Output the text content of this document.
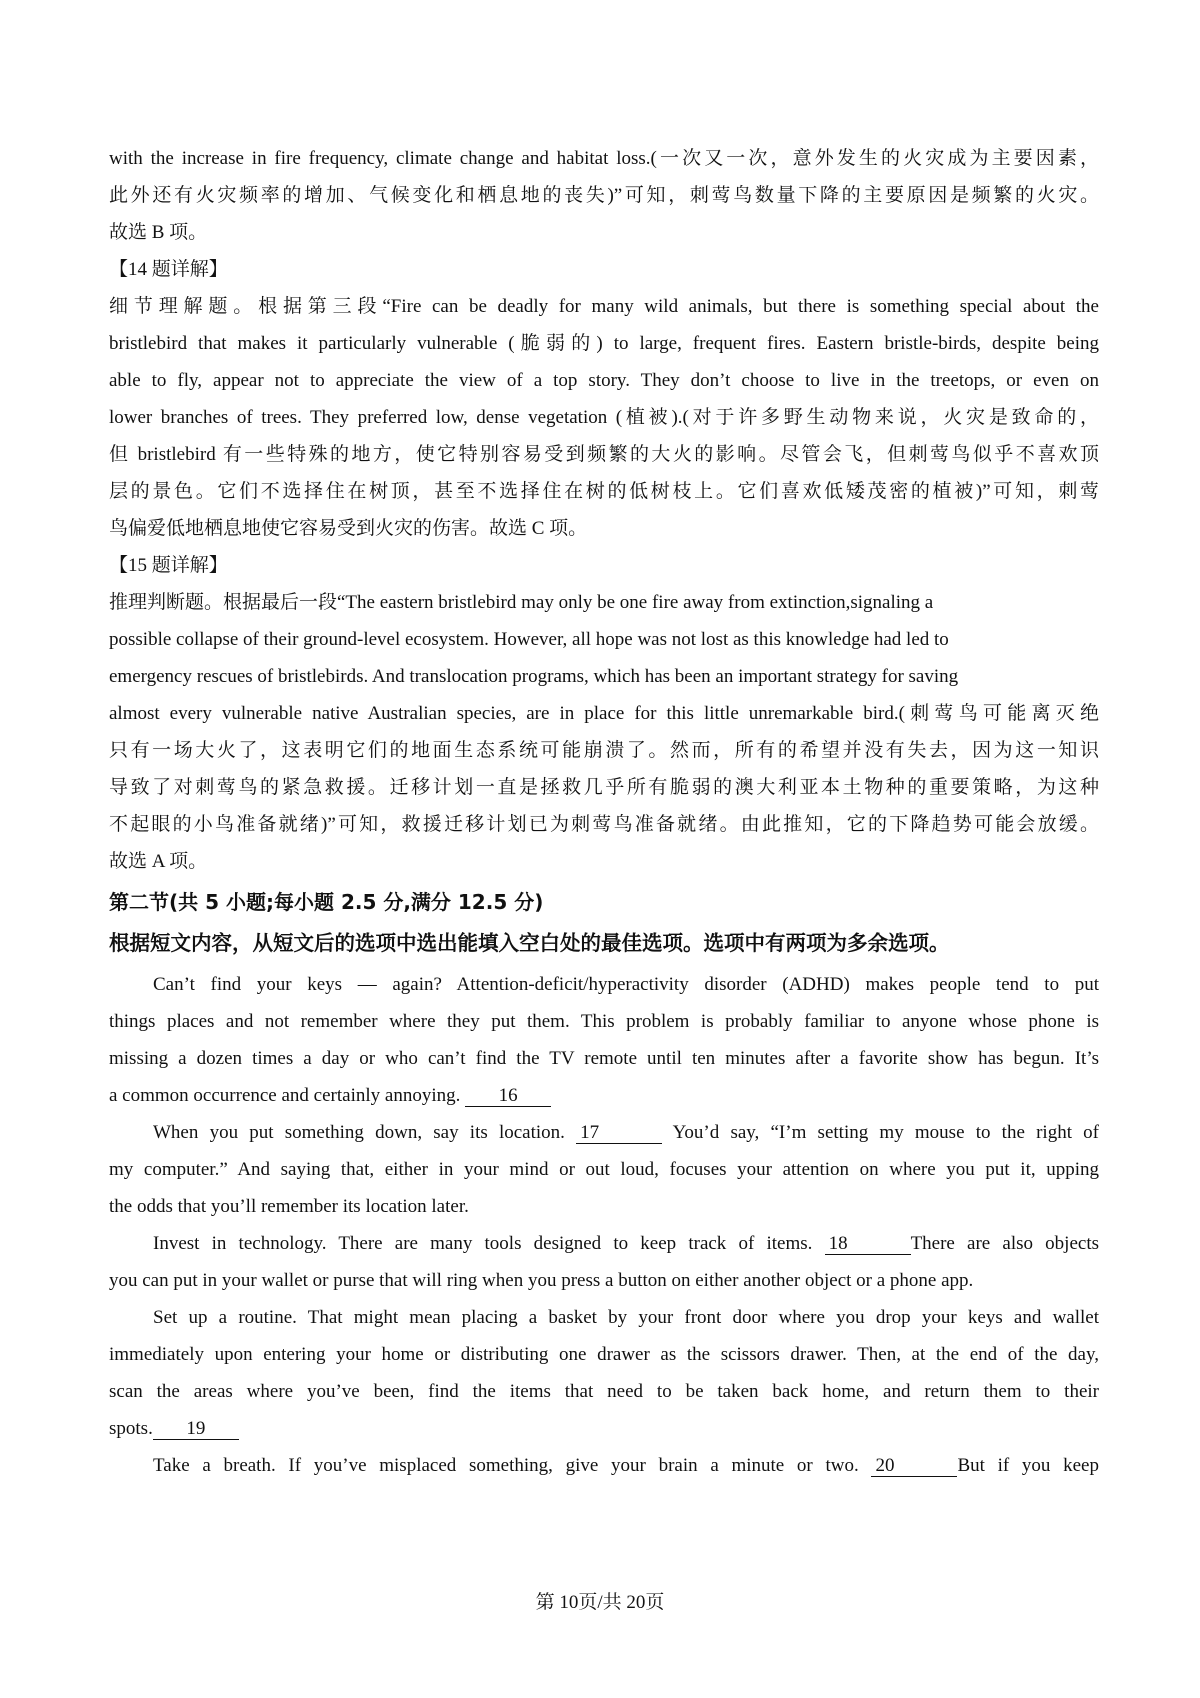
with the increase in fire frequency, climate change and habitat loss.(一次又一次，意外发生的火灾成为主要因素，

此外还有火灾频率的增加、气候变化和栖息地的丧失)”可知，刺莺鸟数量下降的主要原因是频繁的火灾。

故选 B 项。

【14 题详解】

细节理解题。根据第三段“Fire can be deadly for many wild animals, but there is something special about the

bristlebird that makes it particularly vulnerable (脆弱的) to large, frequent fires. Eastern bristle-birds, despite being

able to fly, appear not to appreciate the view of a top story. They don’t choose to live in the treetops, or even on

lower branches of trees. They preferred low, dense vegetation (植被).(对于许多野生动物来说，火灾是致命的，

但 bristlebird 有一些特殊的地方，使它特别容易受到频繁的大火的影响。尽管会飞，但刺莺鸟似乎不喜欢顶

层的景色。它们不选择住在树顶，甚至不选择住在树的低树枝上。它们喜欢低矮茂密的植被)”可知，刺莺

鸟偏爱低地栖息地使它容易受到火灾的伤害。故选 C 项。

【15 题详解】

推理判断题。根据最后一段“The eastern bristlebird may only be one fire away from extinction,signaling a

possible collapse of their ground-level ecosystem. However, all hope was not lost as this knowledge had led to

emergency rescues of bristlebirds. And translocation programs, which has been an important strategy for saving

almost every vulnerable native Australian species, are in place for this little unremarkable bird.(刺莺鸟可能离灭绝

只有一场大火了，这表明它们的地面生态系统可能崩溃了。然而，所有的希望并没有失去，因为这一知识

导致了对刺莺鸟的紧急救援。迁移计划一直是拯救几乎所有脆弱的澳大利亚本土物种的重要策略，为这种

不起眼的小鸟准备就绪)”可知，救援迁移计划已为刺莺鸟准备就绪。由此推知，它的下降趋势可能会放缓。

故选 A 项。

第二节(共 5 小题;每小题 2.5 分,满分 12.5 分)

根据短文内容，从短文后的选项中选出能填入空白处的最佳选项。选项中有两项为多余选项。

Can’t find your keys — again? Attention-deficit/hyperactivity disorder (ADHD) makes people tend to put

things places and not remember where they put them. This problem is probably familiar to anyone whose phone is

missing a dozen times a day or who can’t find the TV remote until ten minutes after a favorite show has begun. It’s

a common occurrence and certainly annoying. 16

When you put something down, say its location. 17	You’d say, “I’m setting my mouse to the right of

my computer.” And saying that, either in your mind or out loud, focuses your attention on where you put it, upping

the odds that you’ll remember its location later.

Invest in technology. There are many tools designed to keep track of items. 18	There are also objects

you can put in your wallet or purse that will ring when you press a button on either another object or a phone app.

Set up a routine. That might mean placing a basket by your front door where you drop your keys and wallet

immediately upon entering your home or distributing one drawer as the scissors drawer. Then, at the end of the day,

scan the areas where you’ve been, find the items that need to be taken back home, and return them to their

spots. 19

Take a breath. If you’ve misplaced something, give your brain a minute or two. 20	But if you keep

第 10页/共 20页
